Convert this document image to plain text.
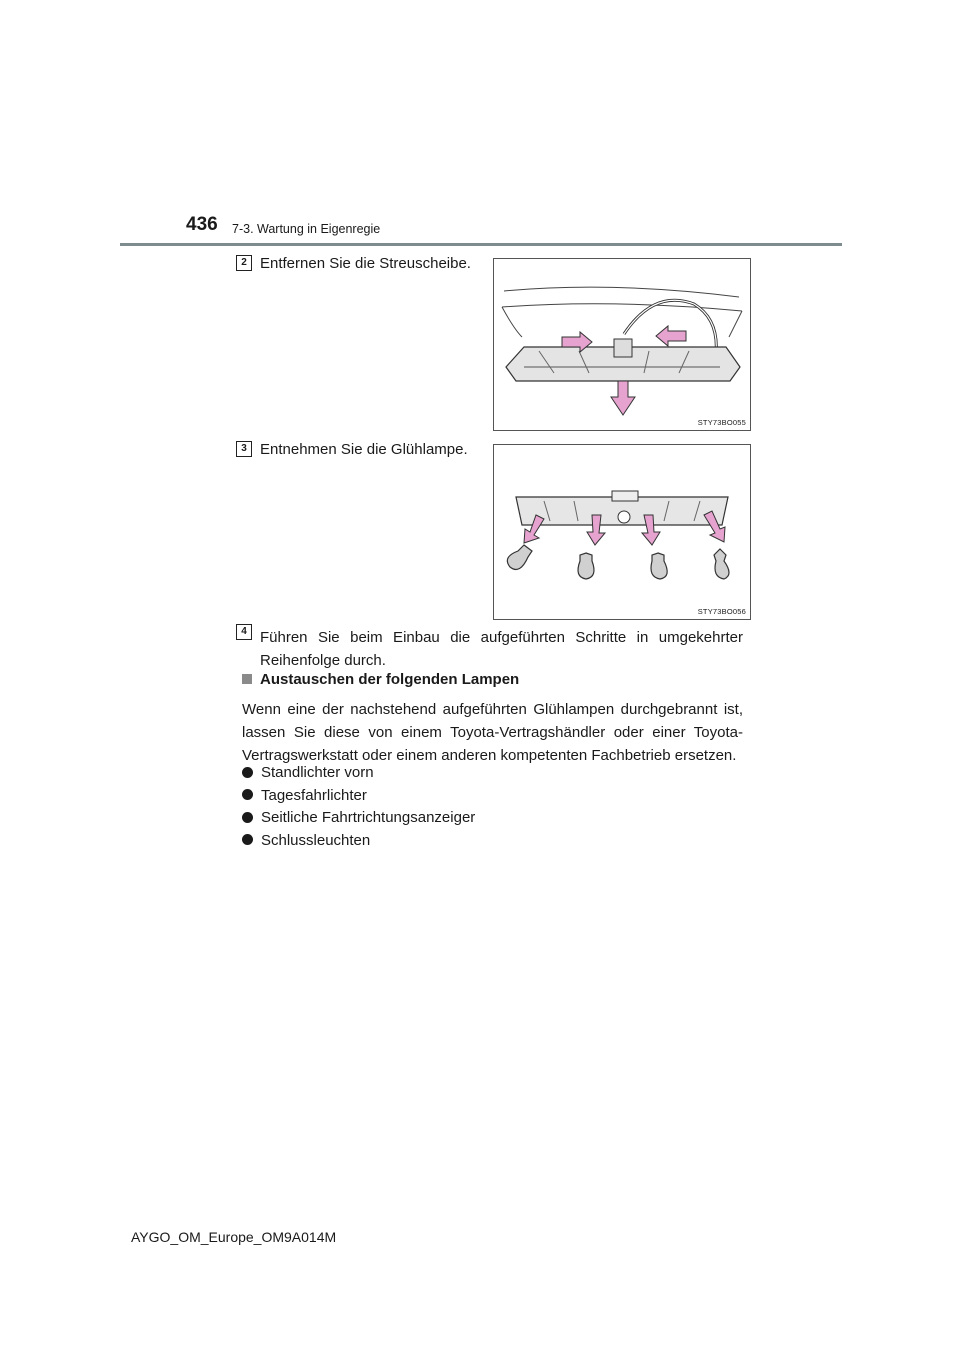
436 7-3. Wartung in Eigenregie
2 Entfernen Sie die Streuscheibe.
STY73BO055
3 Entnehmen Sie die Glühlampe.
STY73BO056
4 Führen Sie beim Einbau die aufgeführten Schritte in umgekehrter Reihenfolge durch.
Austauschen der folgenden Lampen
Wenn eine der nachstehend aufgeführten Glühlampen durchgebrannt ist, lassen Sie diese von einem Toyota-Vertragshändler oder einer Toyota-Vertragswerkstatt oder einem anderen kompetenten Fachbetrieb ersetzen.
Standlichter vorn
Tagesfahrlichter
Seitliche Fahrtrichtungsanzeiger
Schlussleuchten
AYGO_OM_Europe_OM9A014M
